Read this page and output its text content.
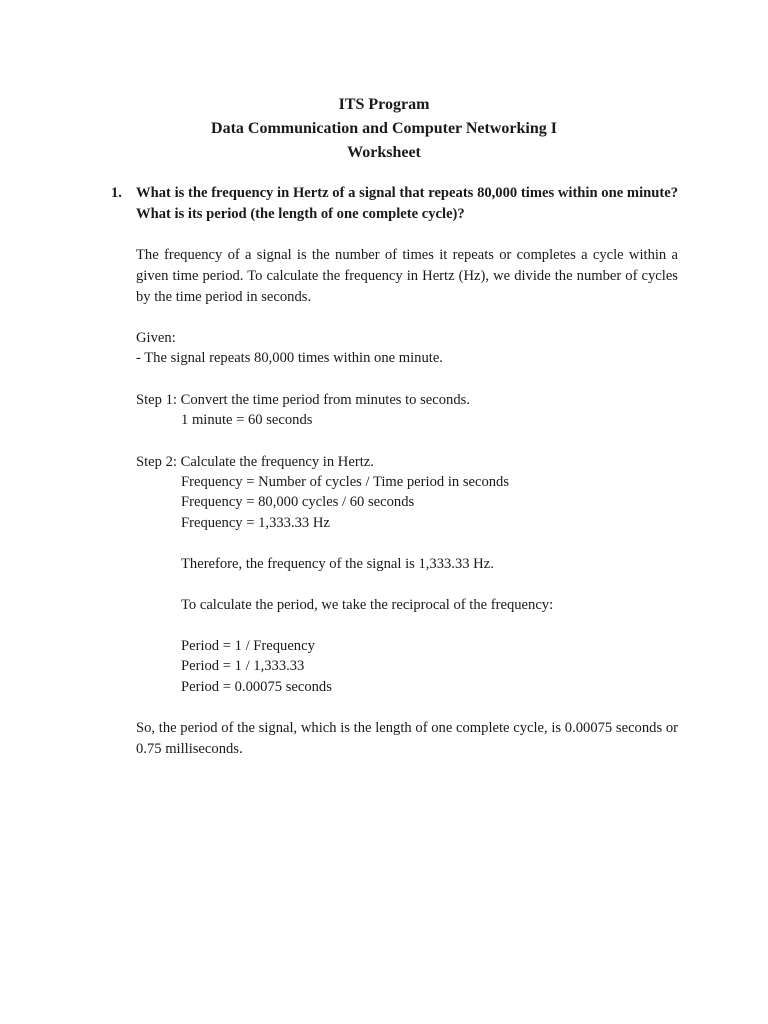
ITS Program
Data Communication and Computer Networking I
Worksheet
1. What is the frequency in Hertz of a signal that repeats 80,000 times within one minute? What is its period (the length of one complete cycle)?
The frequency of a signal is the number of times it repeats or completes a cycle within a given time period. To calculate the frequency in Hertz (Hz), we divide the number of cycles by the time period in seconds.
Given:
- The signal repeats 80,000 times within one minute.
Step 1: Convert the time period from minutes to seconds.
1 minute = 60 seconds
Step 2: Calculate the frequency in Hertz.
Frequency = Number of cycles / Time period in seconds
Frequency = 80,000 cycles / 60 seconds
Frequency = 1,333.33 Hz
Therefore, the frequency of the signal is 1,333.33 Hz.
To calculate the period, we take the reciprocal of the frequency:
Period = 1 / Frequency
Period = 1 / 1,333.33
Period = 0.00075 seconds
So, the period of the signal, which is the length of one complete cycle, is 0.00075 seconds or 0.75 milliseconds.
